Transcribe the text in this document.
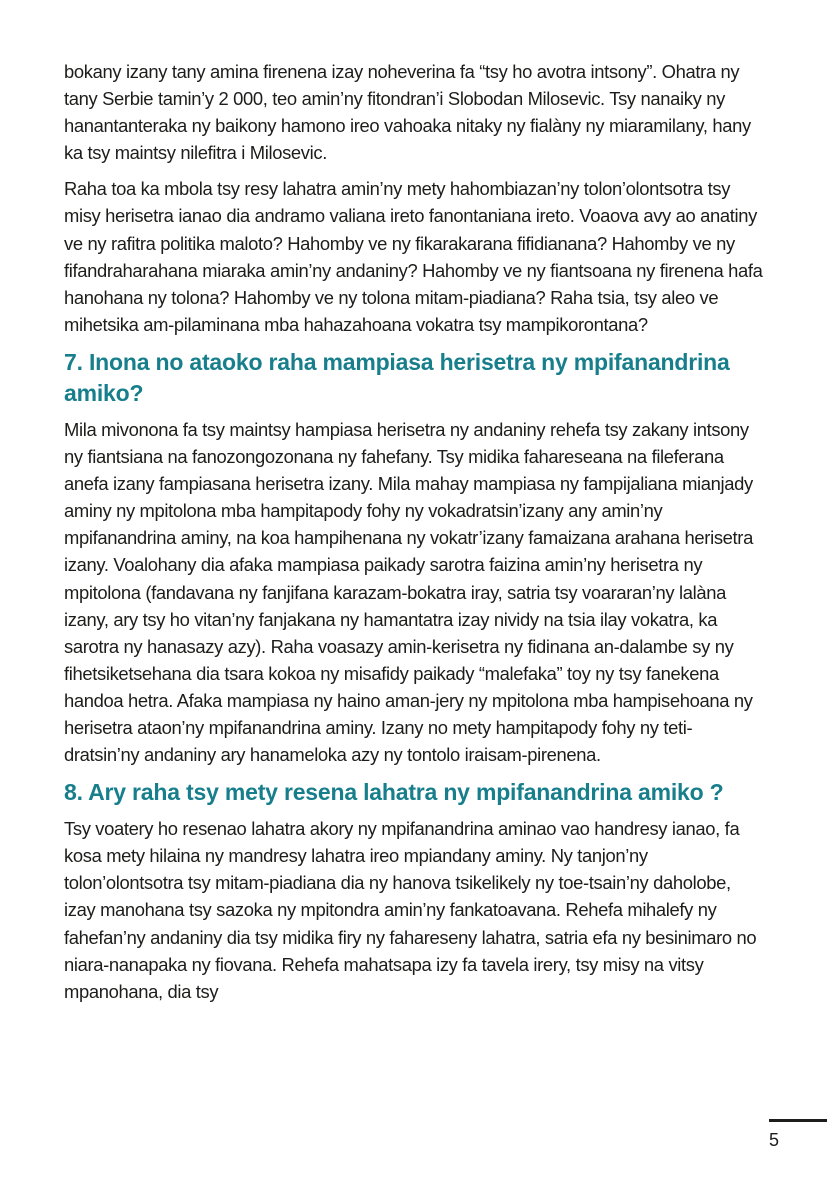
bokany izany tany amina firenena izay noheverina fa “tsy ho avotra intsony”. Ohatra ny tany Serbie tamin’y 2 000, teo amin’ny fitondran’i Slobodan Milosevic. Tsy nanaiky ny hanantanteraka ny baikony hamono ireo vahoaka nitaky ny fialàny ny miaramilany, hany ka tsy maintsy nilefitra i Milosevic.

Raha toa ka mbola tsy resy lahatra amin’ny mety hahombiazan’ny tolon’olontsotra tsy misy herisetra ianao dia andramo valiana ireto fanontaniana ireto. Voaova avy ao anatiny ve ny rafitra politika maloto? Hahomby ve ny fikarakarana fifidianana? Hahomby ve ny fifandraharahana miaraka amin’ny andaniny? Hahomby ve ny fiantsoana ny firenena hafa hanohana ny tolona? Hahomby ve ny tolona mitam-piadiana? Raha tsia, tsy aleo ve mihetsika am-pilaminana mba hahazahoana vokatra tsy mampikorontana?

7. Inona no ataoko raha mampiasa herisetra ny mpifanandrina amiko?

Mila mivonona fa tsy maintsy hampiasa herisetra ny andaniny rehefa tsy zakany intsony ny fiantsiana na fanozongozonana ny fahefany. Tsy midika fahareseana na fileferana anefa izany fampiasana herisetra izany. Mila mahay mampiasa ny fampijaliana mianjady aminy ny mpitolona mba hampitapody fohy ny vokadratsin’izany any amin’ny mpifanandrina aminy, na koa hampihenana ny vokatr’izany famaizana arahana herisetra izany. Voalohany dia afaka mampiasa paikady sarotra faizina amin’ny herisetra ny mpitolona (fandavana ny fanjifana karazam-bokatra iray, satria tsy voararan’ny lalàna izany, ary tsy ho vitan’ny fanjakana ny hamantatra izay nividy na tsia ilay vokatra, ka sarotra ny hanasazy azy). Raha voasazy amin-kerisetra ny fidinana an-dalambe sy ny fihetsiketsehana dia tsara kokoa ny misafidy paikady “malefaka” toy ny tsy fanekena handoa hetra. Afaka mampiasa ny haino aman-jery ny mpitolona mba hampisehoana ny herisetra ataon’ny mpifanandrina aminy. Izany no mety hampitapody fohy ny teti-dratsin’ny andaniny ary hanameloka azy ny tontolo iraisam-pirenena.

8. Ary raha tsy mety resena lahatra ny mpifanandrina amiko ?

Tsy voatery ho resenao lahatra akory ny mpifanandrina aminao vao handresy ianao, fa kosa mety hilaina ny mandresy lahatra ireo mpiandany aminy. Ny tanjon’ny tolon’olontsotra tsy mitam-piadiana dia ny hanova tsikelikely ny toe-tsain’ny daholobe, izay manohana tsy sazoka ny mpitondra amin’ny fankatoavana. Rehefa mihalefy ny fahefan’ny andaniny dia tsy midika firy ny fahareseny lahatra, satria efa ny besinimaro no niara-nanapaka ny fiovana. Rehefa mahatsapa izy fa tavela irery, tsy misy na vitsy mpanohana, dia tsy

5
